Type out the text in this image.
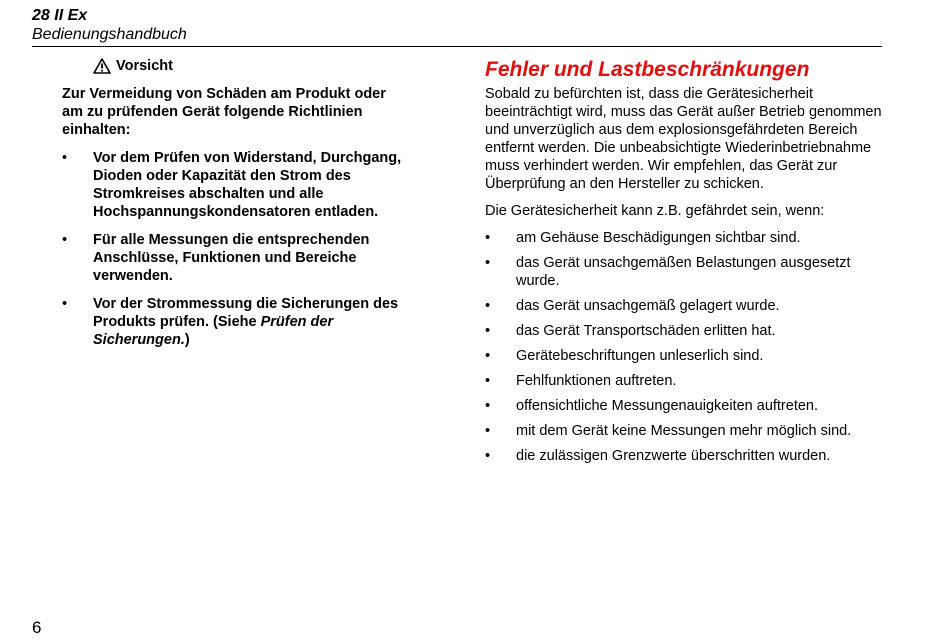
28 II Ex
Bedienungshandbuch
Vorsicht

Zur Vermeidung von Schäden am Produkt oder am zu prüfenden Gerät folgende Richtlinien einhalten:

• Vor dem Prüfen von Widerstand, Durchgang, Dioden oder Kapazität den Strom des Stromkreises abschalten und alle Hochspannungskondensatoren entladen.
• Für alle Messungen die entsprechenden Anschlüsse, Funktionen und Bereiche verwenden.
• Vor der Strommessung die Sicherungen des Produkts prüfen. (Siehe Prüfen der Sicherungen.)
Fehler und Lastbeschränkungen

Sobald zu befürchten ist, dass die Gerätesicherheit beeinträchtigt wird, muss das Gerät außer Betrieb genommen und unverzüglich aus dem explosionsgefährdeten Bereich entfernt werden. Die unbeabsichtigte Wiederinbetriebnahme muss verhindert werden. Wir empfehlen, das Gerät zur Überprüfung an den Hersteller zu schicken.

Die Gerätesicherheit kann z.B. gefährdet sein, wenn:

• am Gehäuse Beschädigungen sichtbar sind.
• das Gerät unsachgemäßen Belastungen ausgesetzt wurde.
• das Gerät unsachgemäß gelagert wurde.
• das Gerät Transportschäden erlitten hat.
• Gerätebeschriftungen unleserlich sind.
• Fehlfunktionen auftreten.
• offensichtliche Messungenauigkeiten auftreten.
• mit dem Gerät keine Messungen mehr möglich sind.
• die zulässigen Grenzwerte überschritten wurden.
6
